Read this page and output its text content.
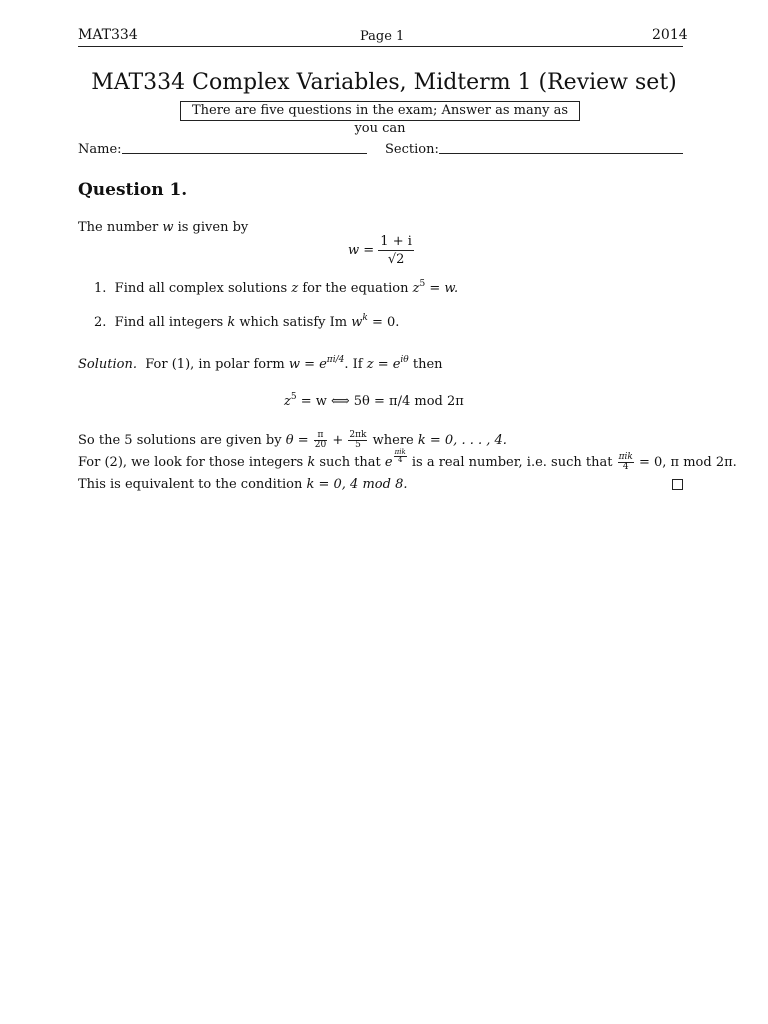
MAT334	Page 1	2014
MAT334 Complex Variables, Midterm 1 (Review set)
There are five questions in the exam; Answer as many as you can
Name:	Section:
Question 1.
The number w is given by
$w = \frac{1 + i}{√2}$
1. Find all complex solutions z for the equation $z^5 = w$.
2. Find all integers k which satisfy Im $w^k = 0$.
Solution. For (1), in polar form $w = e^{\pi i/4}$. If $z = e^{i\theta}$ then
$z^5 = w$ ⟺ 5θ = π/4 mod 2π
So the 5 solutions are given by $\theta = \frac{\pi}{20} + \frac{2\pi k}{5}$ where k = 0, . . . , 4.
For (2), we look for those integers k such that e $\frac{\text{πik}}{4}$ is a real number, i.e. such that $\frac{\text{πik}}{4} = 0$, π mod 2π.
This is equivalent to the condition k = 0, 4 mod 8.
